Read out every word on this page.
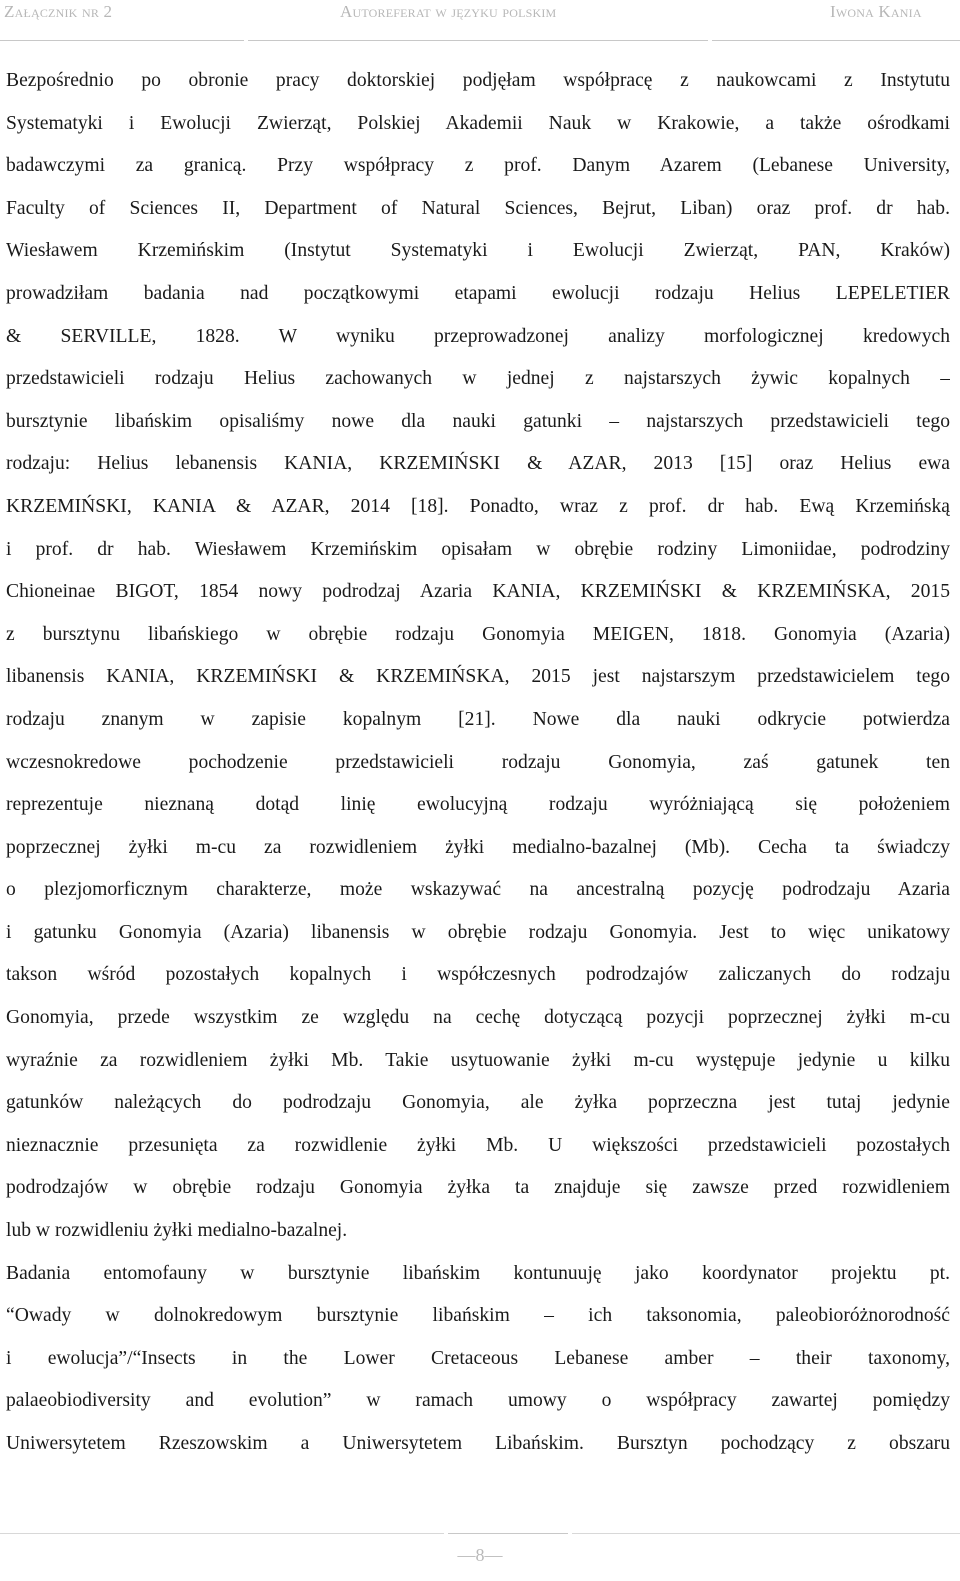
Załącznik nr 2	Autoreferat w języku polskim	Iwona Kania
Bezpośrednio po obronie pracy doktorskiej podjęłam współpracę z naukowcami z Instytutu
Systematyki i Ewolucji Zwierząt, Polskiej Akademii Nauk w Krakowie, a także ośrodkami
badawczymi za granicą. Przy współpracy z prof. Danym Azarem (Lebanese University,
Faculty of Sciences II, Department of Natural Sciences, Bejrut, Liban) oraz prof. dr hab.
Wiesławem Krzemińskim (Instytut Systematyki i Ewolucji Zwierząt, PAN, Kraków)
prowadziłam badania nad początkowymi etapami ewolucji rodzaju Helius LEPELETIER
& SERVILLE, 1828. W wyniku przeprowadzonej analizy morfologicznej kredowych
przedstawicieli rodzaju Helius zachowanych w jednej z najstarszych żywic kopalnych –
bursztynie libańskim opisaliśmy nowe dla nauki gatunki – najstarszych przedstawicieli tego
rodzaju: Helius lebanensis KANIA, KRZEMIŃSKI & AZAR, 2013 [15] oraz Helius ewa
KRZEMIŃSKI, KANIA & AZAR, 2014 [18]. Ponadto, wraz z prof. dr hab. Ewą Krzemińską
i prof. dr hab. Wiesławem Krzemińskim opisałam w obrębie rodziny Limoniidae, podrodziny
Chioneinae BIGOT, 1854 nowy podrodzaj Azaria KANIA, KRZEMIŃSKI & KRZEMIŃSKA, 2015
z bursztynu libańskiego w obrębie rodzaju Gonomyia MEIGEN, 1818. Gonomyia (Azaria)
libanensis KANIA, KRZEMIŃSKI & KRZEMIŃSKA, 2015 jest najstarszym przedstawicielem tego
rodzaju znanym w zapisie kopalnym [21]. Nowe dla nauki odkrycie potwierdza
wczesnokredowe pochodzenie przedstawicieli rodzaju Gonomyia, zaś gatunek ten
reprezentuje nieznaną dotąd linię ewolucyjną rodzaju wyróżniającą się położeniem
poprzecznej żyłki m-cu za rozwidleniem żyłki medialno-bazalnej (Mb). Cecha ta świadczy
o plezjomorficznym charakterze, może wskazywać na ancestralną pozycję podrodzaju Azaria
i gatunku Gonomyia (Azaria) libanensis w obrębie rodzaju Gonomyia. Jest to więc unikatowy
takson wśród pozostałych kopalnych i współczesnych podrodzajów zaliczanych do rodzaju
Gonomyia, przede wszystkim ze względu na cechę dotyczącą pozycji poprzecznej żyłki m-cu
wyraźnie za rozwidleniem żyłki Mb. Takie usytuowanie żyłki m-cu występuje jedynie u kilku
gatunków należących do podrodzaju Gonomyia, ale żyłka poprzeczna jest tutaj jedynie
nieznacznie przesunięta za rozwidlenie żyłki Mb. U większości przedstawicieli pozostałych
podrodzajów w obrębie rodzaju Gonomyia żyłka ta znajduje się zawsze przed rozwidleniem
lub w rozwidleniu żyłki medialno-bazalnej.
Badania entomofauny w bursztynie libańskim kontunuuję jako koordynator projektu pt.
“Owady w dolnokredowym bursztynie libańskim – ich taksonomia, paleobioróżnorodność
i ewolucja”/“Insects in the Lower Cretaceous Lebanese amber – their taxonomy,
palaeobiodiversity and evolution” w ramach umowy o współpracy zawartej pomiędzy
Uniwersytetem Rzeszowskim a Uniwersytetem Libańskim. Bursztyn pochodzący z obszaru
—8—
